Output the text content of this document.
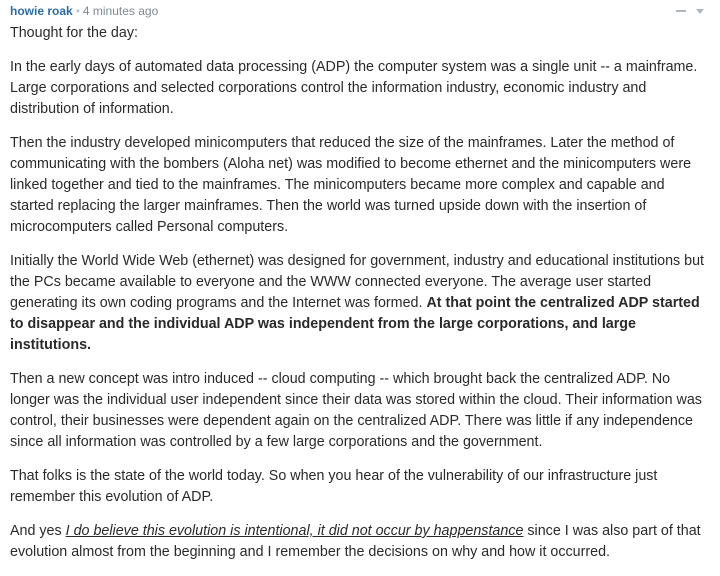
howie roak • 4 minutes ago

Thought for the day:

In the early days of automated data processing (ADP) the computer system was a single unit -- a mainframe. Large corporations and selected corporations control the information industry, economic industry and distribution of information.

Then the industry developed minicomputers that reduced the size of the mainframes. Later the method of communicating with the bombers (Aloha net) was modified to become ethernet and the minicomputers were linked together and tied to the mainframes. The minicomputers became more complex and capable and started replacing the larger mainframes. Then the world was turned upside down with the insertion of microcomputers called Personal computers.

Initially the World Wide Web (ethernet) was designed for government, industry and educational institutions but the PCs became available to everyone and the WWW connected everyone. The average user started generating its own coding programs and the Internet was formed. At that point the centralized ADP started to disappear and the individual ADP was independent from the large corporations, and large institutions.

Then a new concept was intro induced -- cloud computing -- which brought back the centralized ADP. No longer was the individual user independent since their data was stored within the cloud. Their information was control, their businesses were dependent again on the centralized ADP. There was little if any independence since all information was controlled by a few large corporations and the government.

That folks is the state of the world today. So when you hear of the vulnerability of our infrastructure just remember this evolution of ADP.

And yes I do believe this evolution is intentional, it did not occur by happenstance since I was also part of that evolution almost from the beginning and I remember the decisions on why and how it occurred.
